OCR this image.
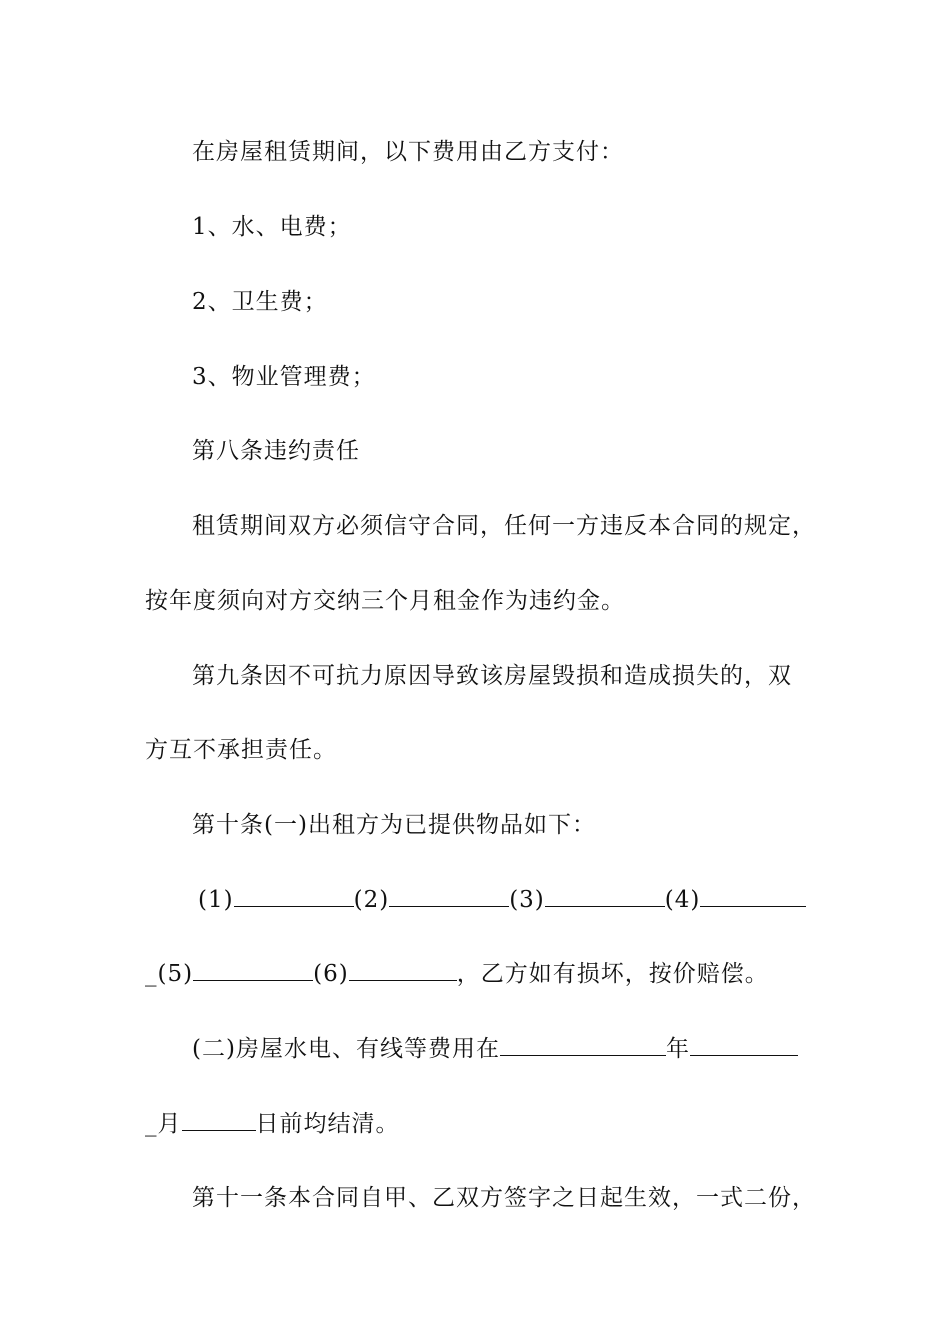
在房屋租赁期间，以下费用由乙方支付：
1、水、电费；
2、卫生费；
3、物业管理费；
第八条违约责任
租赁期间双方必须信守合同，任何一方违反本合同的规定，
按年度须向对方交纳三个月租金作为违约金。
第九条因不可抗力原因导致该房屋毁损和造成损失的，双
方互不承担责任。
第十条(一)出租方为已提供物品如下：
(1)	(2)	(3)	(4)
_(5)	(6)	，乙方如有损坏，按价赔偿。
(二)房屋水电、有线等费用在	年
_月	日前均结清。
第十一条本合同自甲、乙双方签字之日起生效，一式二份，
